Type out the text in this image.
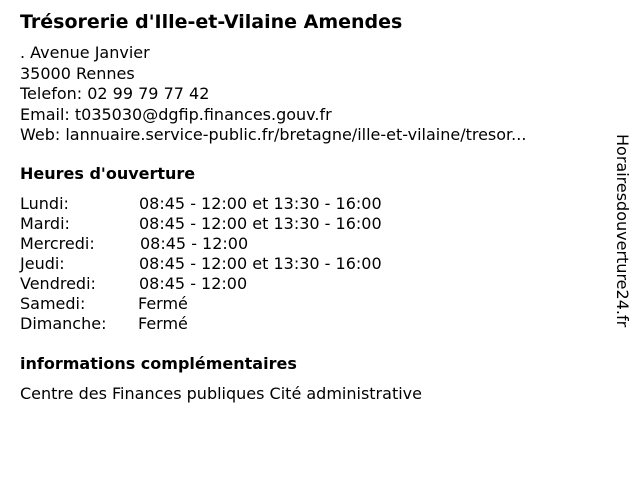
Trésorerie d'Ille-et-Vilaine Amendes
. Avenue Janvier
35000 Rennes
Telefon: 02 99 79 77 42
Email: t035030@dgfip.finances.gouv.fr
Web: lannuaire.service-public.fr/bretagne/ille-et-vilaine/tresor...
Heures d'ouverture
Lundi:	08:45 - 12:00 et 13:30 - 16:00
Mardi:	08:45 - 12:00 et 13:30 - 16:00
Mercredi:	08:45 - 12:00
Jeudi:	08:45 - 12:00 et 13:30 - 16:00
Vendredi:	08:45 - 12:00
Samedi:	Fermé
Dimanche: Fermé
informations complémentaires
Centre des Finances publiques Cité administrative
Horairesdouverture24.fr
